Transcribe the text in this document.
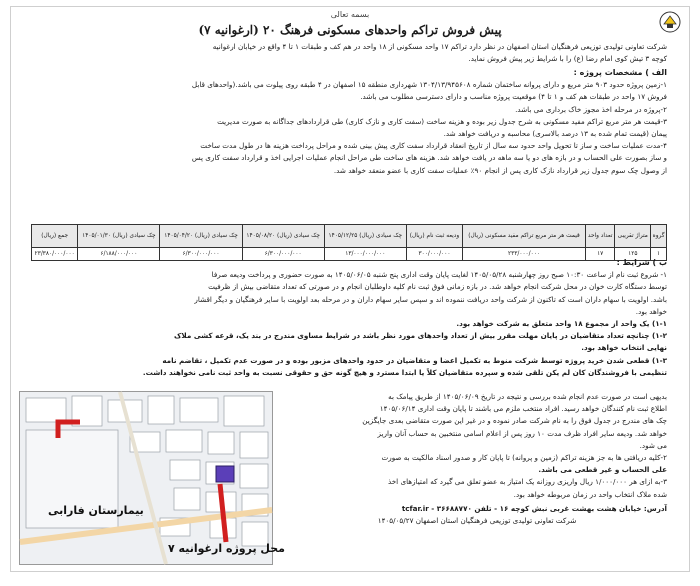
بسمه تعالی
پیش فروش تراکم واحدهای مسکونی فرهنگ ۲۰ (ارغوانیه ۷)
شرکت تعاونی تولیدی توزیعی فرهنگیان استان اصفهان در نظر دارد تراکم ۱۷ واحد مسکونی از ۱۸ واحد در هم کف و طبقات ۱ تا ۴ واقع در خیابان ارغوانیه
کوچه ۳ تیش کوی امام رضا (ع) را با شرایط زیر پیش فروش نماید.
الف ) مشخصات پروژه :
۱-زمین پروژه حدود ۹۰۳ متر مربع و دارای پروانه ساختمان شماره ۱۳۰۴/۱۳/۹۴۵۶۰۸ شهرداری منطقه ۱۵ اصفهان در ۴ طبقه روی پیلوت می باشد.(واحدهای قابل
فروش ۱۷ واحد در طبقات هم کف و ۱ تا ۴) موقعیت پروژه مناسب و دارای دسترسی مطلوب می باشد.
۲-پروژه در مرحله اخذ مجوز خاک برداری می باشد.
۳-قیمت هر متر مربع تراکم مفید مسکونی به شرح جدول زیر بوده و هزینه ساخت (سفت کاری و نازک کاری) طی قراردادهای جداگانه به صورت مدیریت
پیمان (قیمت تمام شده به ۱۳ درصد بالاسری) محاسبه و دریافت خواهد شد.
۴-مدت عملیات ساخت و ساز تا تحویل واحد حدود سه سال از تاریخ انعقاد قرارداد سفت کاری پیش بینی شده و مراحل پرداخت هزینه ها در طول مدت ساخت
و ساز بصورت علی الحساب و در بازه های دو یا سه ماهه در یافت خواهد شد. هزینه های ساخت طی مراحل انجام عملیات اجرایی اخذ و قرارداد سفت کاری پس
از وصول چک سوم جدول زیر قرارداد نازک کاری پس از انجام ۹۰٪ عملیات سفت کاری با عضو منعقد خواهد شد.
گروه	متراژ تقریبی	تعداد واحد	قیمت هر متر مربع تراکم مفید مسکونی (ریال)	ودیعه ثبت نام (ریال)	چک سیادی (ریال) ۱۴۰۵/۱۲/۲۵	چک سیادی (ریال) ۱۴۰۵/۰۸/۲۰	چک سیادی (ریال) ۱۴۰۵/۰۴/۲۰	چک سیادی (ریال) ۱۴۰۵/۰۱/۳۰	جمع (ریال)
۱	۱۲۵	۱۷	۲۳۳/۰۰۰/۰۰۰	۳۰۰/۰۰۰/۰۰۰	۱۳/۰۰۰/۰۰۰/۰۰۰	۶/۳۰۰/۰۰۰/۰۰۰	۶/۳۰۰/۰۰۰/۰۰۰	۶/۱۸۸/۰۰۰/۰۰۰	۲۳/۳۸۰/۰۰۰/۰۰۰
ب ) شرایط :
۱- شروع ثبت نام از ساعت ۱۰:۳۰ صبح روز چهارشنبه ۱۴۰۵/۰۵/۲۸ لغایت پایان وقت اداری پنج شنبه ۱۴۰۵/۰۶/۰۵ به صورت حضوری و پرداخت ودیعه صرفا
توسط دستگاه کارت خوان در محل شرکت انجام خواهد شد. در بازه زمانی فوق ثبت نام کلیه داوطلبان انجام و در صورتی که تعداد متقاضی بیش از ظرفیت
باشد. اولویت با سهام داران است که تاکنون از شرکت واحد دریافت ننموده اند و سپس سایر سهام داران و در مرحله بعد اولویت با سایر فرهنگیان و دیگر اقشار
خواهد بود.
۱-۱) یک واحد از مجموع ۱۸ واحد متعلق به شرکت خواهد بود.
۱-۲) چنانچه تعداد متقاضیان در پایان مهلت مقرر بیش از تعداد واحدهای مورد نظر باشد در شرایط مساوی مندرج در بند یک، قرعه کشی ملاک
نهایی انتخاب خواهد بود.
۱-۳) قطعی شدن خرید پروژه توسط شرکت منوط به تکمیل اعضا و متقاضیان در حدود واحدهای مزبور بوده و در صورت عدم تکمیل ، تقاضم نامه
تنظیمی با فروشندگان کان لم یکن تلقی شده و سپرده متقاضیان کلاً یا ابتدا مسترد و هیچ گونه حق و حقوقی نسبت به واحد ثبت نامی نخواهند داشت.
بدیهی است در صورت عدم انجام شده بررسی و نتیجه در تاریخ ۱۴۰۵/۰۶/۰۹ از طریق پیامک به
اطلاع ثبت نام کنندگان خواهد رسید. افراد منتخب ملزم می باشند تا پایان وقت اداری ۱۴۰۵/۰۶/۱۴
چک های مندرج در جدول فوق را به نام شرکت صادر نموده و در غیر این صورت متقاضی بعدی جایگزین
خواهد شد. ودیعه سایر افراد ظرف مدت ۱۰ روز پس از اعلام اسامی منتخبین به حساب آنان واریز
می شود.
۲-کلیه دریافتی ها به جز هزینه تراکم (زمین و پروانه) تا پایان کار و صدور اسناد مالکیت به صورت
علی الحساب و غیر قطعی می باشد.
۳-به ازای هر ۱/۰۰۰/۰۰۰ ریال واریزی روزانه یک امتیاز به عضو تعلق می گیرد که امتیازهای اخذ
شده ملاک انتخاب واحد در زمان مربوطه خواهد بود.
آدرس: خیابان هشت بهشت غربی نبش کوچه ۱۶ - تلفن ۳۶۶۸۸۷۷۰ - tcfar.ir
شرکت تعاونی تولیدی توزیعی فرهنگیان استان اصفهان ۱۴۰۵/۰۵/۲۷
بیمارستان فارابی
محل پروژه ارغوانیه ۷
